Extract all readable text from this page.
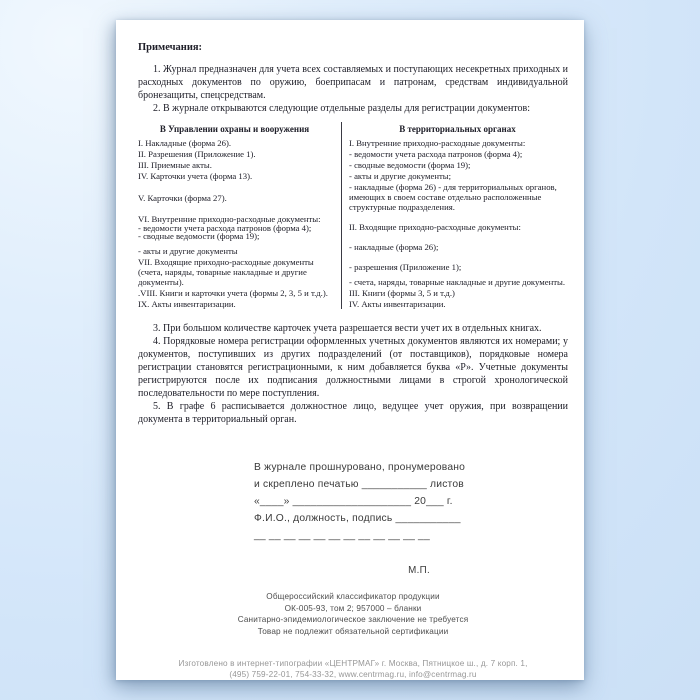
Примечания:

1. Журнал предназначен для учета всех составляемых и поступающих несекретных приходных и расходных документов по оружию, боеприпасам и патронам, средствам индивидуальной бронезащиты, спецсредствам.

2. В журнале открываются следующие отдельные разделы для регистрации документов:

В Управлении охраны и вооружения
I. Накладные (форма 26).
II. Разрешения (Приложение 1).
III. Приемные акты.
IV. Карточки учета (форма 13).
V. Карточки (форма 27).
VI. Внутренние приходно-расходные документы:
- ведомости учета расхода патронов (форма 4);
- сводные ведомости (форма 19);
- акты и другие документы
VII. Входящие приходно-расходные документы (счета, наряды, товарные накладные и другие документы).
.VIII. Книги и карточки учета (формы 2, 3, 5 и т.д.).
IX. Акты инвентаризации.
В территориальных органах
I. Внутренние приходно-расходные документы:
- ведомости учета расхода патронов (форма 4);
- сводные ведомости (форма 19);
- акты и другие документы;
- накладные (форма 26) - для территориальных органов, имеющих в своем составе отдельно расположенные структурные подразделения.
II. Входящие приходно-расходные документы:
- накладные (форма 26);
- разрешения (Приложение 1);
- счета, наряды, товарные накладные и другие документы.
III. Книги (формы 3, 5 и т.д.)
IV. Акты инвентаризации.

3. При большом количестве карточек учета разрешается вести учет их в отдельных книгах.

4. Порядковые номера регистрации оформленных учетных документов являются их номерами; у документов, поступивших из других подразделений (от поставщиков), порядковые номера регистрации становятся регистрационными, к ним добавляется буква «Р». Учетные документы регистрируются после их подписания должностными лицами в строгой хронологической последовательности по мере поступления.

5. В графе 6 расписывается должностное лицо, ведущее учет оружия, при возвращении документа в территориальный орган.

В журнале прошнуровано, пронумеровано
и скреплено печатью ___________ листов
«____» ____________________ 20___ г.
Ф.И.О., должность, подпись ___________
__ __ __ __ __ __ __ __ __ __ __ __
М.П.
Общероссийский классификатор продукции
ОК-005-93, том 2; 957000 – бланки
Санитарно-эпидемиологическое заключение не требуется
Товар не подлежит обязательной сертификации
Изготовлено в интернет-типографии «ЦЕНТРМАГ» г. Москва, Пятницкое ш., д. 7 корп. 1,
(495) 759-22-01, 754-33-32, www.centrmag.ru, info@centrmag.ru
